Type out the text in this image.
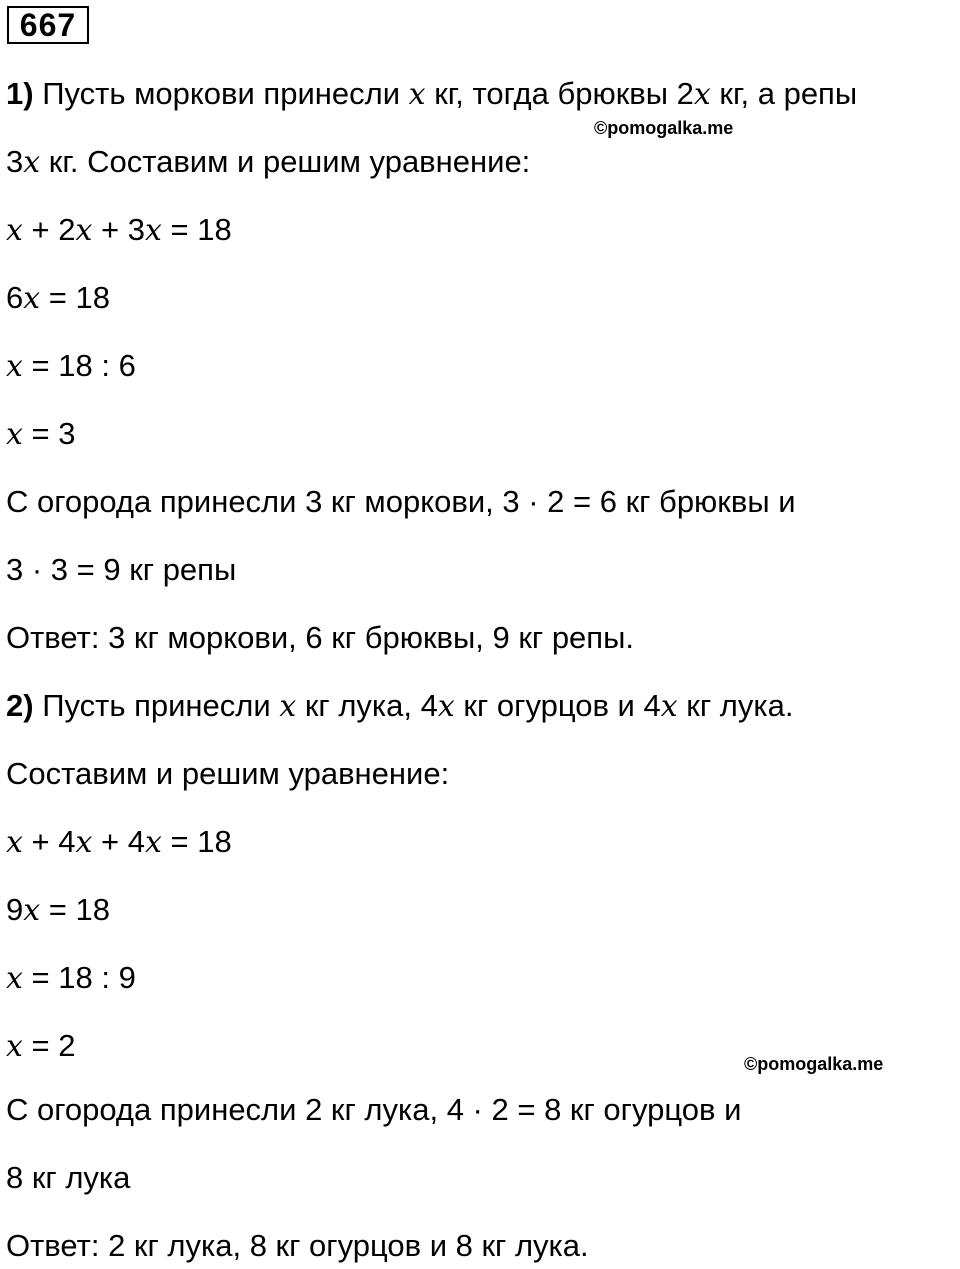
667
1) Пусть моркови принесли x кг, тогда брюквы 2x кг, а репы
©pomogalka.me
3x кг. Составим и решим уравнение:
x + 2x + 3x = 18
6x = 18
x = 18 : 6
x = 3
С огорода принесли 3 кг моркови, 3 · 2 = 6 кг брюквы и
3 · 3 = 9 кг репы
Ответ: 3 кг моркови, 6 кг брюквы, 9 кг репы.
2) Пусть принесли x кг лука, 4x кг огурцов и 4x кг лука.
Составим и решим уравнение:
x + 4x + 4x = 18
9x = 18
x = 18 : 9
x = 2
©pomogalka.me
С огорода принесли 2 кг лука, 4 · 2 = 8 кг огурцов и
8 кг лука
Ответ: 2 кг лука, 8 кг огурцов и 8 кг лука.
